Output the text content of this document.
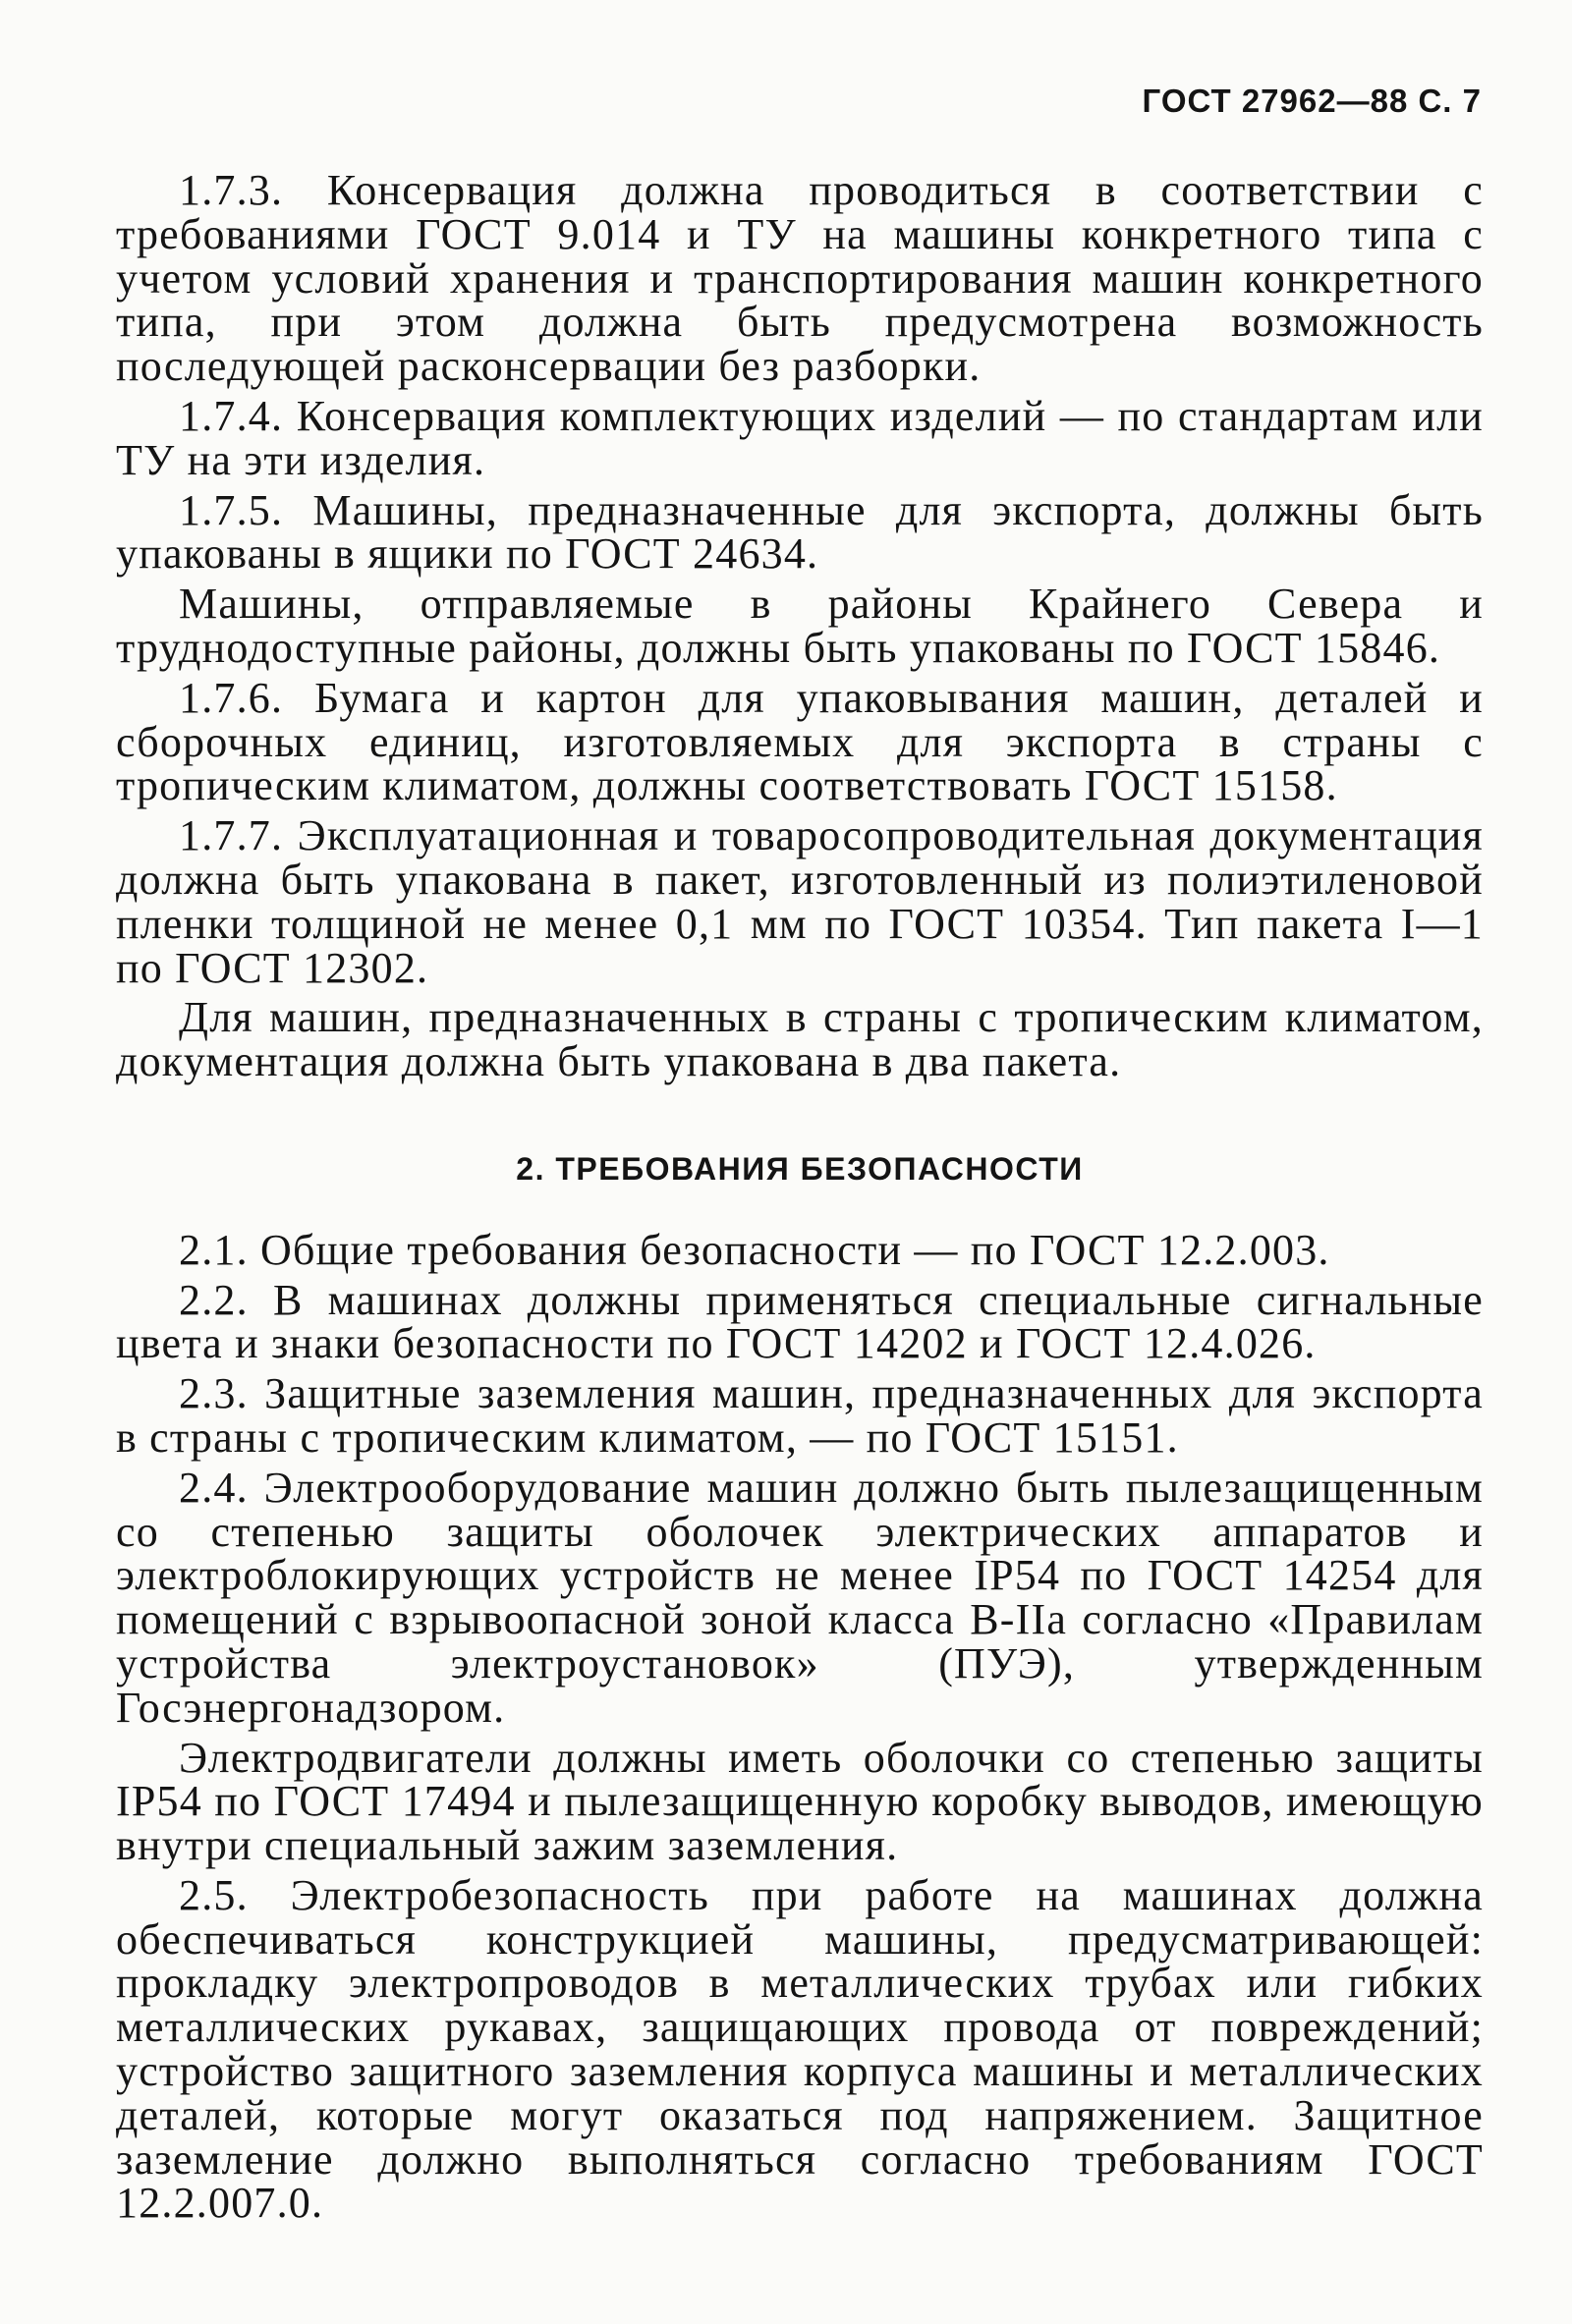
ГОСТ 27962—88 С. 7

1.7.3. Консервация должна проводиться в соответствии с требованиями ГОСТ 9.014 и ТУ на машины конкретного типа с учетом условий хранения и транспортирования машин конкретного типа, при этом должна быть предусмотрена возможность последующей расконсервации без разборки.

1.7.4. Консервация комплектующих изделий — по стандартам или ТУ на эти изделия.

1.7.5. Машины, предназначенные для экспорта, должны быть упакованы в ящики по ГОСТ 24634.

Машины, отправляемые в районы Крайнего Севера и труднодоступные районы, должны быть упакованы по ГОСТ 15846.

1.7.6. Бумага и картон для упаковывания машин, деталей и сборочных единиц, изготовляемых для экспорта в страны с тропическим климатом, должны соответствовать ГОСТ 15158.

1.7.7. Эксплуатационная и товаросопроводительная документация должна быть упакована в пакет, изготовленный из полиэтиленовой пленки толщиной не менее 0,1 мм по ГОСТ 10354. Тип пакета I—1 по ГОСТ 12302.

Для машин, предназначенных в страны с тропическим климатом, документация должна быть упакована в два пакета.

2. ТРЕБОВАНИЯ БЕЗОПАСНОСТИ

2.1. Общие требования безопасности — по ГОСТ 12.2.003.

2.2. В машинах должны применяться специальные сигнальные цвета и знаки безопасности по ГОСТ 14202 и ГОСТ 12.4.026.

2.3. Защитные заземления машин, предназначенных для экспорта в страны с тропическим климатом, — по ГОСТ 15151.

2.4. Электрооборудование машин должно быть пылезащищенным со степенью защиты оболочек электрических аппаратов и электроблокирующих устройств не менее IP54 по ГОСТ 14254 для помещений с взрывоопасной зоной класса В-IIа согласно «Правилам устройства электроустановок» (ПУЭ), утвержденным Госэнергонадзором.

Электродвигатели должны иметь оболочки со степенью защиты IP54 по ГОСТ 17494 и пылезащищенную коробку выводов, имеющую внутри специальный зажим заземления.

2.5. Электробезопасность при работе на машинах должна обеспечиваться конструкцией машины, предусматривающей: прокладку электропроводов в металлических трубах или гибких металлических рукавах, защищающих провода от повреждений; устройство защитного заземления корпуса машины и металлических деталей, которые могут оказаться под напряжением. Защитное заземление должно выполняться согласно требованиям ГОСТ 12.2.007.0.
